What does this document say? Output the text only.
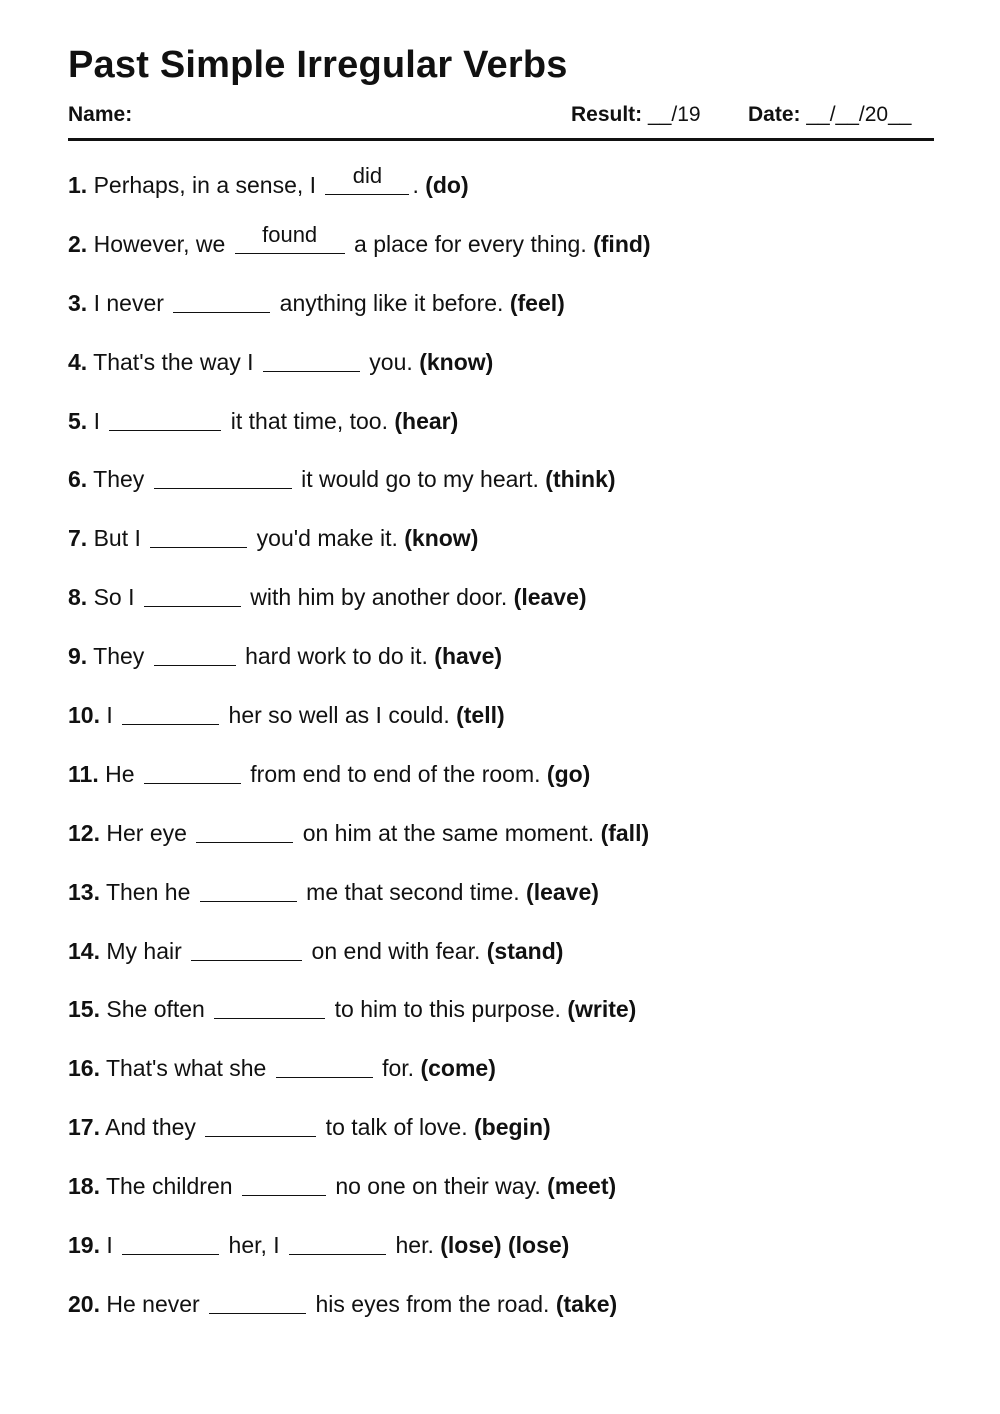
Past Simple Irregular Verbs
Name:	Result: __/19 Date: __/__/20__
1. Perhaps, in a sense, I	did	. (do)
2. However, we	found	a place for every thing. (find)
3. I never	anything like it before. (feel)
4. That's the way I	you. (know)
5. I	it that time, too. (hear)
6. They	it would go to my heart. (think)
7. But I	you'd make it. (know)
8. So I	with him by another door. (leave)
9. They	hard work to do it. (have)
10. I	her so well as I could. (tell)
11. He	from end to end of the room. (go)
12. Her eye	on him at the same moment. (fall)
13. Then he	me that second time. (leave)
14. My hair	on end with fear. (stand)
15. She often	to him to this purpose. (write)
16. That's what she	for. (come)
17. And they	to talk of love. (begin)
18. The children	no one on their way. (meet)
19. I	her, I	her. (lose) (lose)
20. He never	his eyes from the road. (take)
